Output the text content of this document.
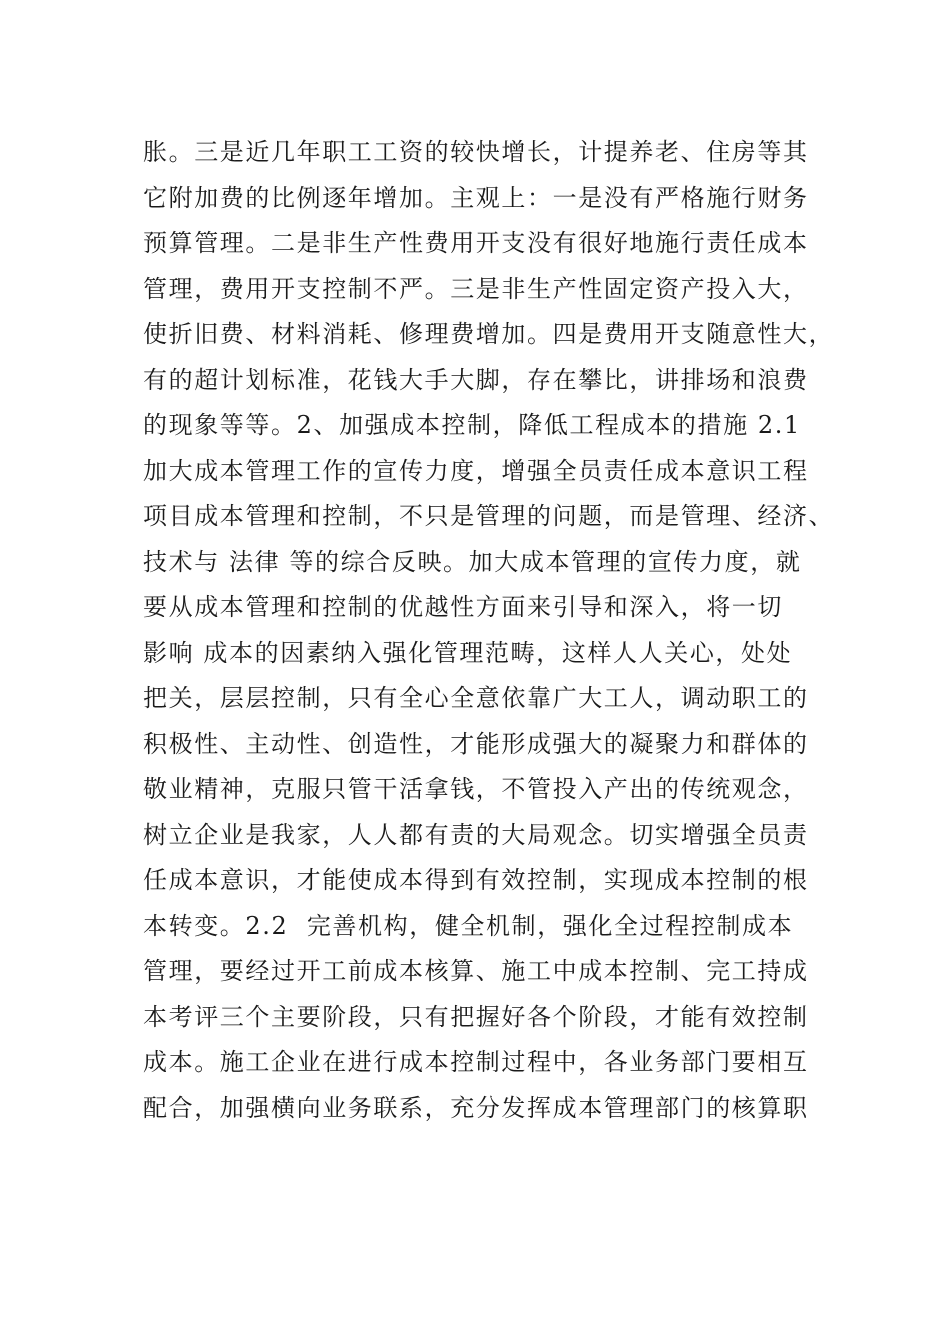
胀。三是近几年职工工资的较快增长，计提养老、住房等其
它附加费的比例逐年增加。主观上：一是没有严格施行财务
预算管理。二是非生产性费用开支没有很好地施行责任成本
管理，费用开支控制不严。三是非生产性固定资产投入大，
使折旧费、材料消耗、修理费增加。四是费用开支随意性大，
有的超计划标准，花钱大手大脚，存在攀比，讲排场和浪费
的现象等等。2、加强成本控制，降低工程成本的措施 2.1
加大成本管理工作的宣传力度，增强全员责任成本意识工程
项目成本管理和控制，不只是管理的问题，而是管理、经济、
技术与 法律 等的综合反映。加大成本管理的宣传力度，就
要从成本管理和控制的优越性方面来引导和深入，将一切
影响 成本的因素纳入强化管理范畴，这样人人关心，处处
把关，层层控制，只有全心全意依靠广大工人，调动职工的
积极性、主动性、创造性，才能形成强大的凝聚力和群体的
敬业精神，克服只管干活拿钱，不管投入产出的传统观念，
树立企业是我家，人人都有责的大局观念。切实增强全员责
任成本意识，才能使成本得到有效控制，实现成本控制的根
本转变。2.2  完善机构，健全机制，强化全过程控制成本
管理，要经过开工前成本核算、施工中成本控制、完工持成
本考评三个主要阶段，只有把握好各个阶段，才能有效控制
成本。施工企业在进行成本控制过程中，各业务部门要相互
配合，加强横向业务联系，充分发挥成本管理部门的核算职
